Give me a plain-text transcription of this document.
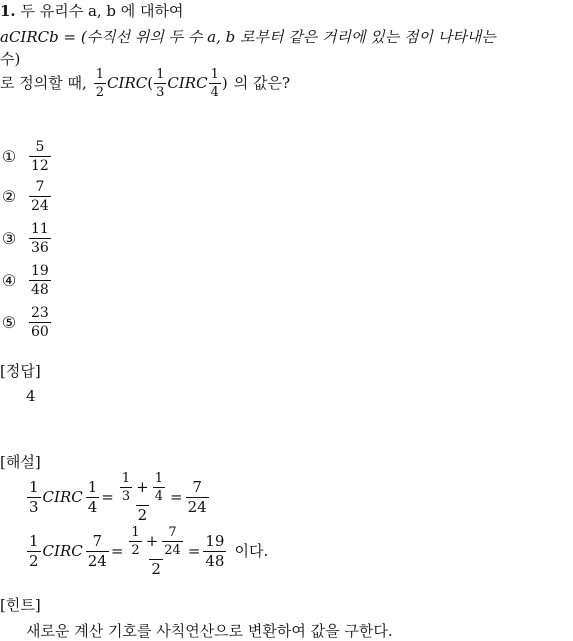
1. 두 유리수 a, b 에 대하여
aCIRCb = (수직선 위의 두 수 a, b 로부터 같은 거리에 있는 점이 나타내는
수)
로 정의할 때, $\frac{1}{2}$ CIRC ( $\frac{1}{3}$ CIRC $\frac{1}{4}$ ) 의 값은?
① $\frac{5}{12}$
② $\frac{7}{24}$
③ $\frac{11}{36}$
④ $\frac{19}{48}$
⑤ $\frac{23}{60}$
[정답]
4
[해설]
$\frac{1}{3}$ CIRC $\frac{1}{4} = \frac{\frac{1}{3} + \frac{1}{4}}{2} = \frac{7}{24}$
$\frac{1}{2}$ CIRC $\frac{7}{24} = \frac{\frac{1}{2} + \frac{7}{24}}{2} = \frac{19}{48}$ 이다.
[힌트]
새로운 계산 기호를 사칙연산으로 변환하여 값을 구한다.
